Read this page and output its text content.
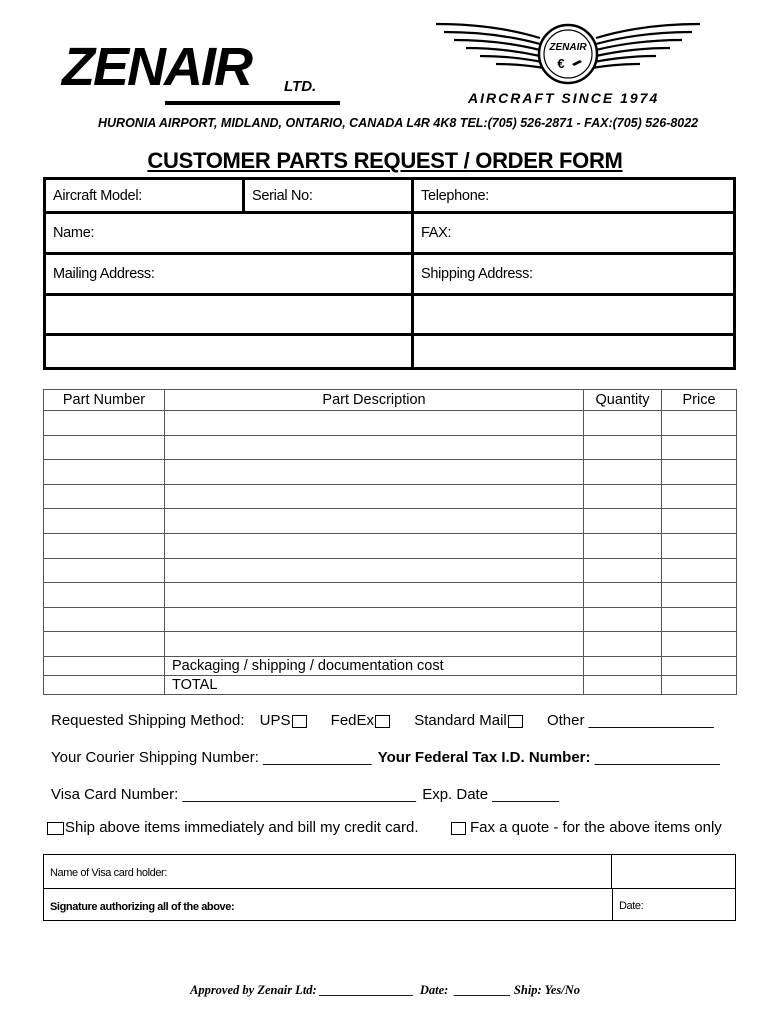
ZENAIR LTD.
ZENAIR
€
AIRCRAFT SINCE 1974
HURONIA AIRPORT, MIDLAND, ONTARIO, CANADA L4R 4K8 TEL:(705) 526-2871 - FAX:(705) 526-8022
CUSTOMER PARTS REQUEST / ORDER FORM
Aircraft Model:	Serial No:	Telephone:
Name:	FAX:
Mailing Address:	Shipping Address:
Part Number	Part Description	Quantity	Price

	Packaging / shipping / documentation cost		
	TOTAL		
Requested Shipping Method: UPS	FedEx	Standard Mail	Other _______________
Your Courier Shipping Number: _____________ Your Federal Tax I.D. Number: _______________
Visa Card Number: ____________________________ Exp. Date ________
Ship above items immediately and bill my credit card.	Fax a quote - for the above items only
Name of Visa card holder:
Signature authorizing all of the above:	Date:
Approved by Zenair Ltd: _______________  Date:  _________ Ship: Yes/No
